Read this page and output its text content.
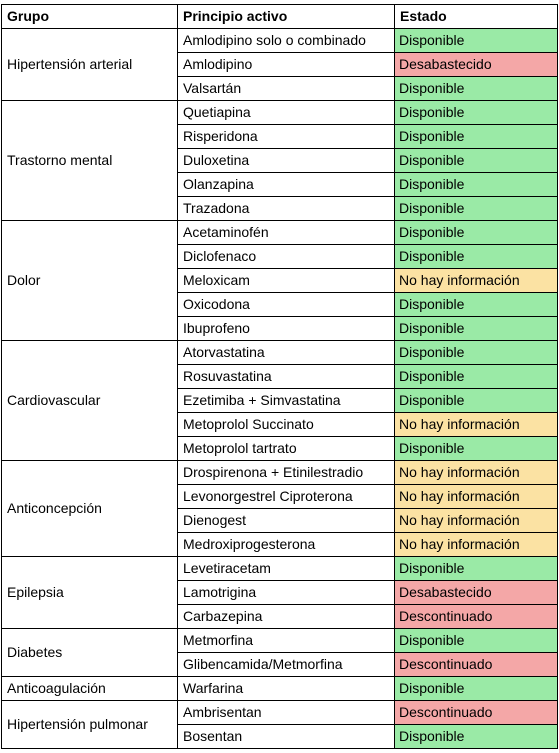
Grupo	Principio activo	Estado
Hipertensión arterial	Amlodipino solo o combinado	Disponible
	Amlodipino	Desabastecido
	Valsartán	Disponible
Trastorno mental	Quetiapina	Disponible
	Risperidona	Disponible
	Duloxetina	Disponible
	Olanzapina	Disponible
	Trazadona	Disponible
Dolor	Acetaminofén	Disponible
	Diclofenaco	Disponible
	Meloxicam	No hay información
	Oxicodona	Disponible
	Ibuprofeno	Disponible
Cardiovascular	Atorvastatina	Disponible
	Rosuvastatina	Disponible
	Ezetimiba + Simvastatina	Disponible
	Metoprolol Succinato	No hay información
	Metoprolol tartrato	Disponible
Anticoncepción	Drospirenona + Etinilestradio	No hay información
	Levonorgestrel Ciproterona	No hay información
	Dienogest	No hay información
	Medroxiprogesterona	No hay información
Epilepsia	Levetiracetam	Disponible
	Lamotrigina	Desabastecido
	Carbazepina	Descontinuado
Diabetes	Metmorfina	Disponible
	Glibencamida/Metmorfina	Descontinuado
Anticoagulación	Warfarina	Disponible
Hipertensión pulmonar	Ambrisentan	Descontinuado
	Bosentan	Disponible
